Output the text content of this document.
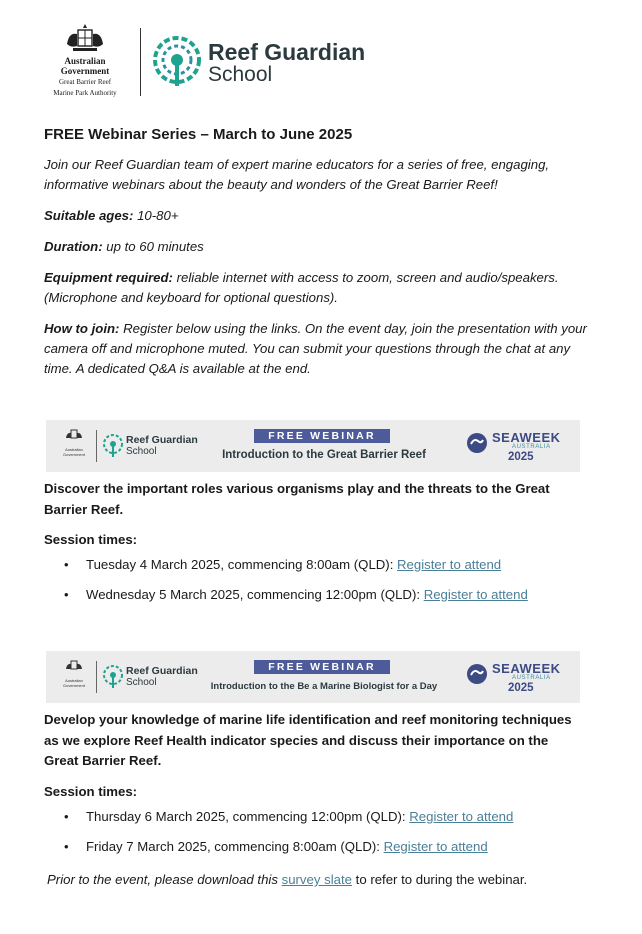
Australian Government
Great Barrier Reef
Marine Park Authority
Reef Guardian
School
FREE Webinar Series – March to June 2025

Join our Reef Guardian team of expert marine educators for a series of free, engaging, informative webinars about the beauty and wonders of the Great Barrier Reef!

Suitable ages: 10-80+

Duration: up to 60 minutes

Equipment required: reliable internet with access to zoom, screen and audio/speakers. (Microphone and keyboard for optional questions).

How to join: Register below using the links. On the event day, join the presentation with your camera off and microphone muted. You can submit your questions through the chat at any time. A dedicated Q&A is available at the end.

Australian Government
Reef Guardian
School
FREE WEBINAR
Introduction to the Great Barrier Reef
SEAWEEK
AUSTRALIA
2025

Discover the important roles various organisms play and the threats to the Great Barrier Reef.

Session times:
• Tuesday 4 March 2025, commencing 8:00am (QLD): Register to attend
• Wednesday 5 March 2025, commencing 12:00pm (QLD): Register to attend
Australian Government
Reef Guardian
School
FREE WEBINAR
Introduction to the Be a Marine Biologist for a Day
SEAWEEK
AUSTRALIA
2025

Develop your knowledge of marine life identification and reef monitoring techniques as we explore Reef Health indicator species and discuss their importance on the Great Barrier Reef.

Session times:
• Thursday 6 March 2025, commencing 12:00pm (QLD): Register to attend
• Friday 7 March 2025, commencing 8:00am (QLD): Register to attend
Prior to the event, please download this survey slate to refer to during the webinar.
